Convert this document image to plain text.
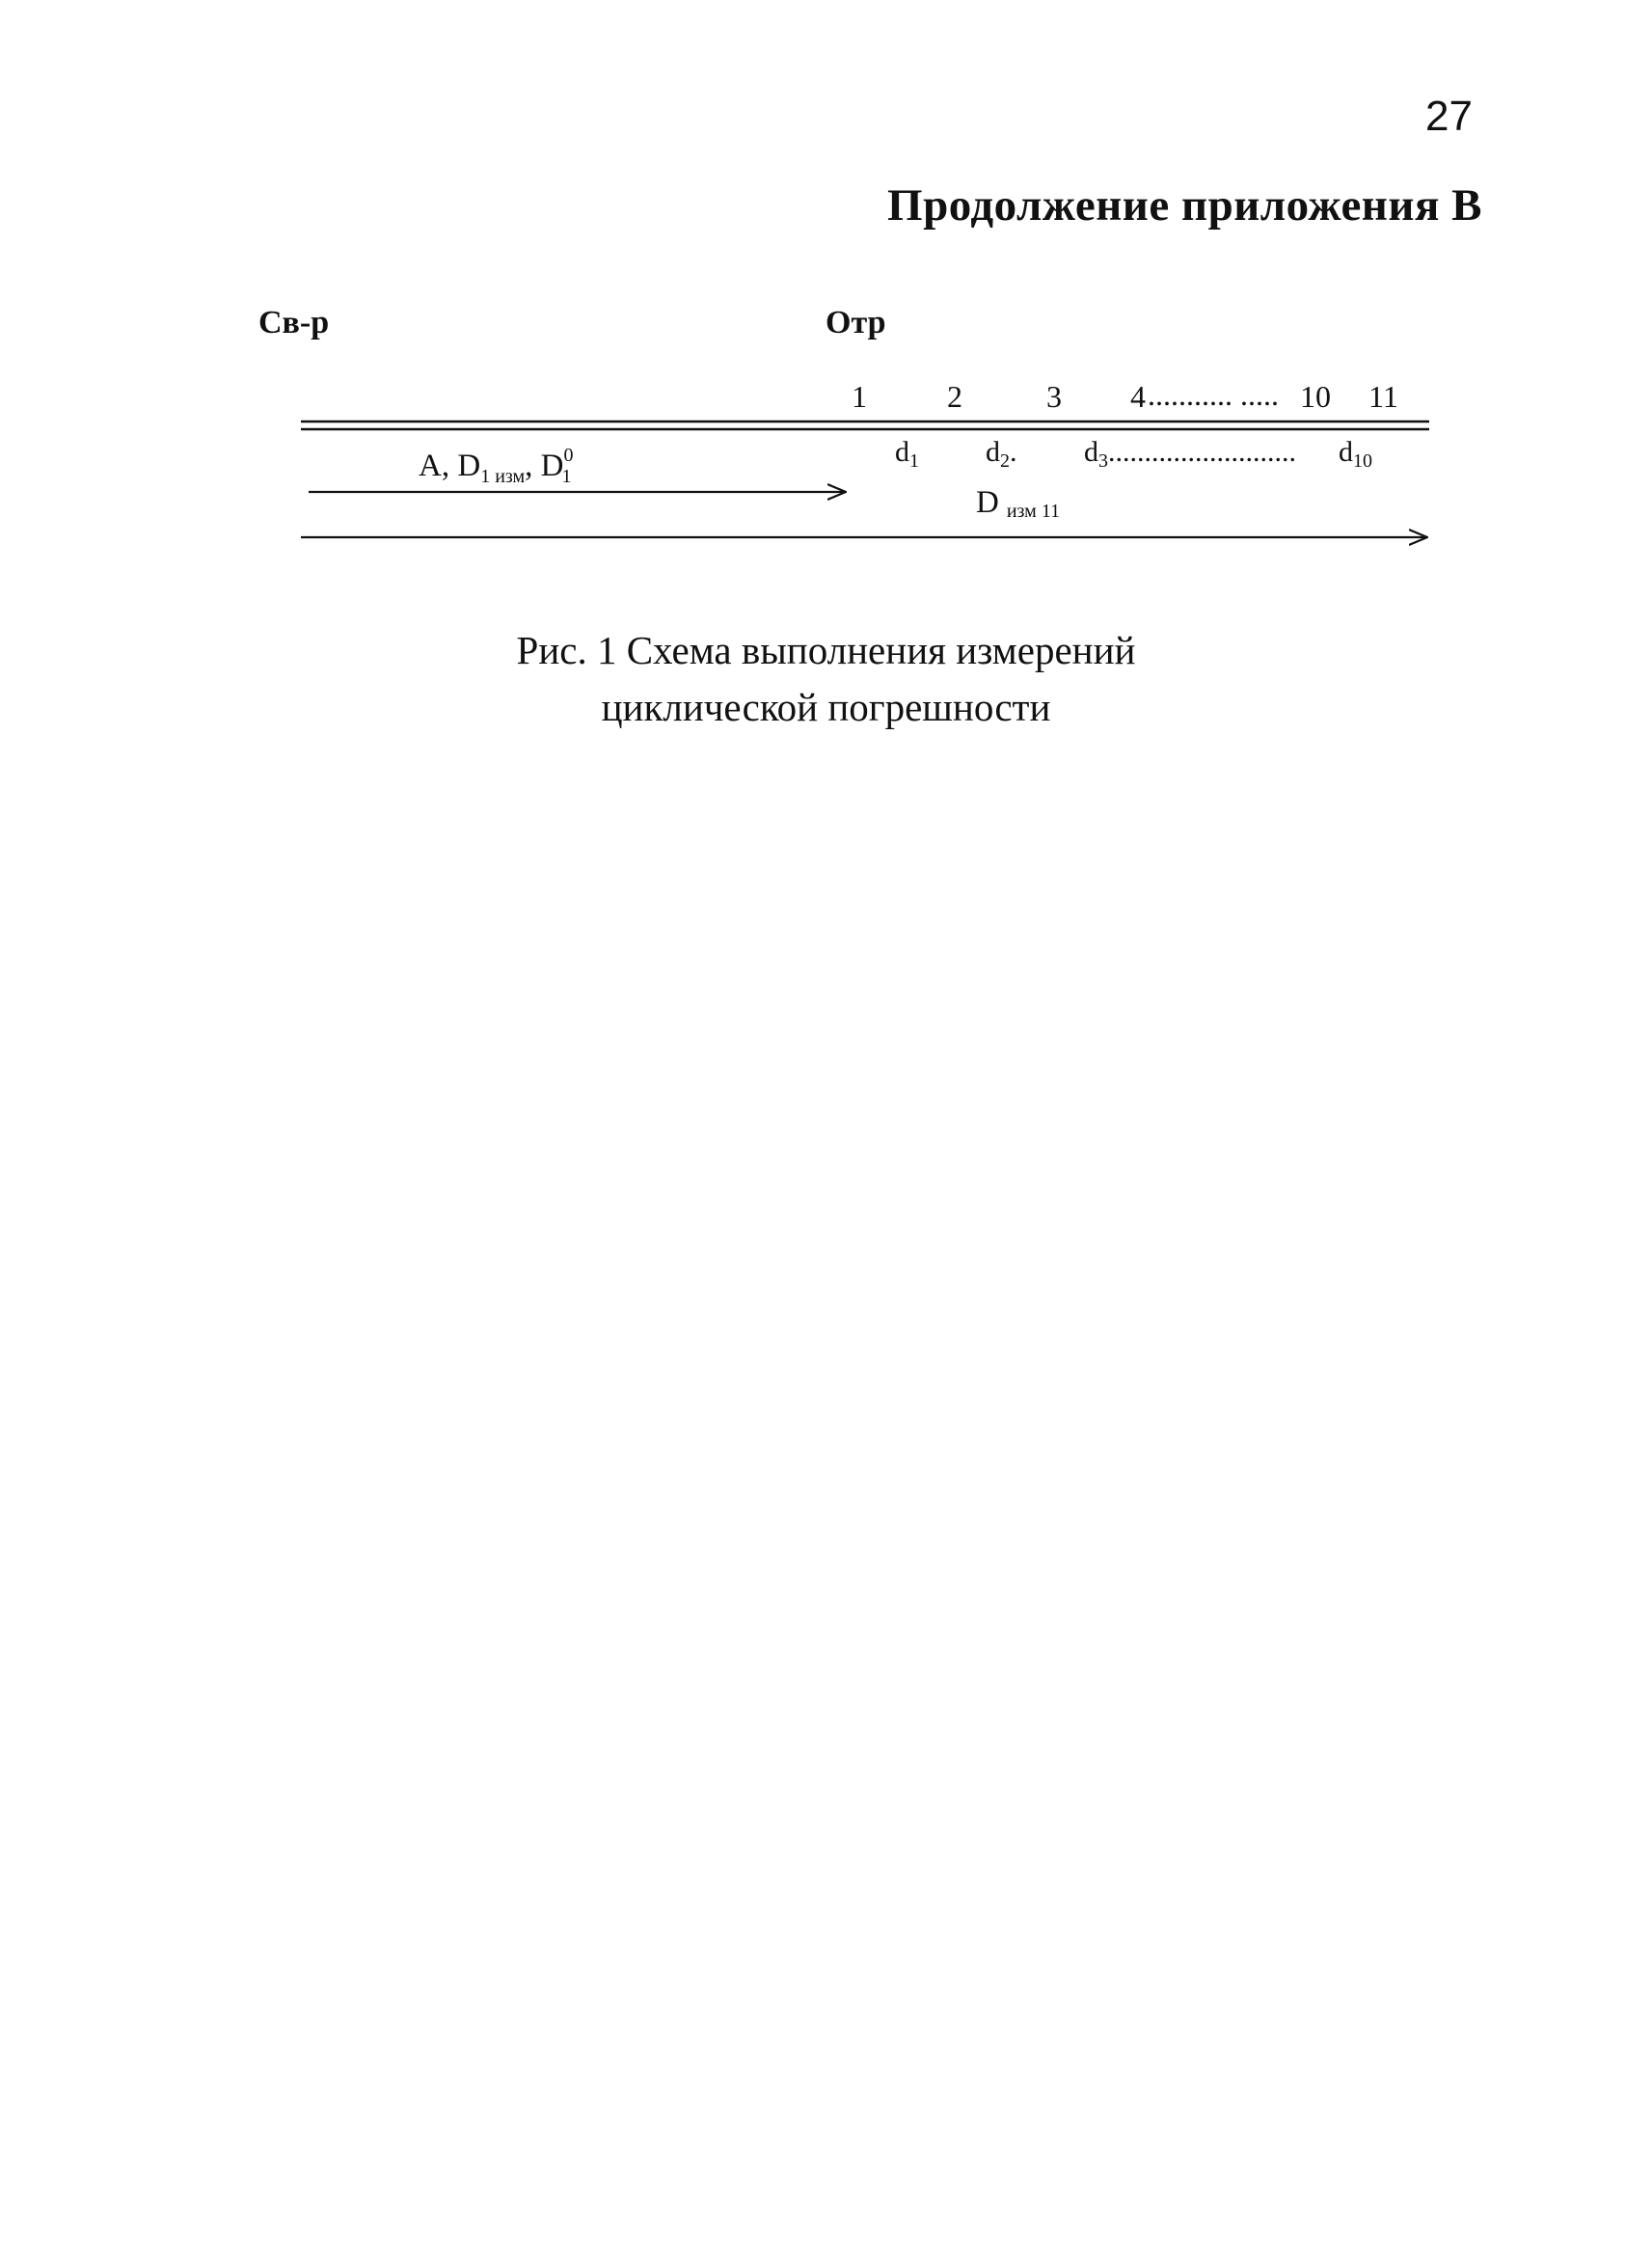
27
Продолжение приложения В
Св-р	Отр
1	2	3 4 ........... ..... 10 11
$d_1$ $d_2$. $d_3$.......................... $d_{10}$
A, $D_{1 изм}$, $D^0$ 1
Dизм 11
Рис. 1 Схема выполнения измерений
циклической погрешности
